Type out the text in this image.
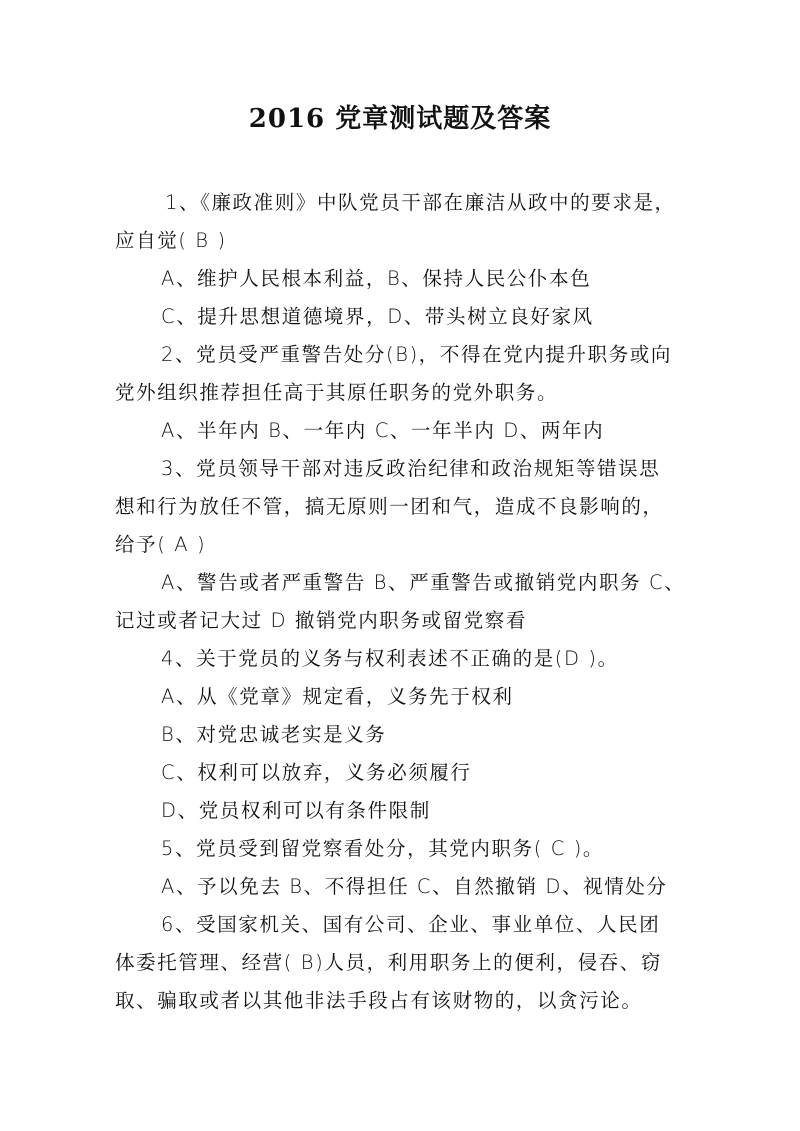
2016 党章测试题及答案
1、《廉政准则》中队党员干部在廉洁从政中的要求是，
应自觉( B )
A、维护人民根本利益，B、保持人民公仆本色
C、提升思想道德境界，D、带头树立良好家风
2、党员受严重警告处分(B)，不得在党内提升职务或向
党外组织推荐担任高于其原任职务的党外职务。
A、半年内 B、一年内 C、一年半内 D、两年内
3、党员领导干部对违反政治纪律和政治规矩等错误思
想和行为放任不管，搞无原则一团和气，造成不良影响的，
给予( A )
A、警告或者严重警告 B、严重警告或撤销党内职务 C、
记过或者记大过 D 撤销党内职务或留党察看
4、关于党员的义务与权利表述不正确的是(D )。
A、从《党章》规定看，义务先于权利
B、对党忠诚老实是义务
C、权利可以放弃，义务必须履行
D、党员权利可以有条件限制
5、党员受到留党察看处分，其党内职务( C )。
A、予以免去 B、不得担任 C、自然撤销 D、视情处分
6、受国家机关、国有公司、企业、事业单位、人民团
体委托管理、经营( B)人员，利用职务上的便利，侵吞、窃
取、骗取或者以其他非法手段占有该财物的，以贪污论。
